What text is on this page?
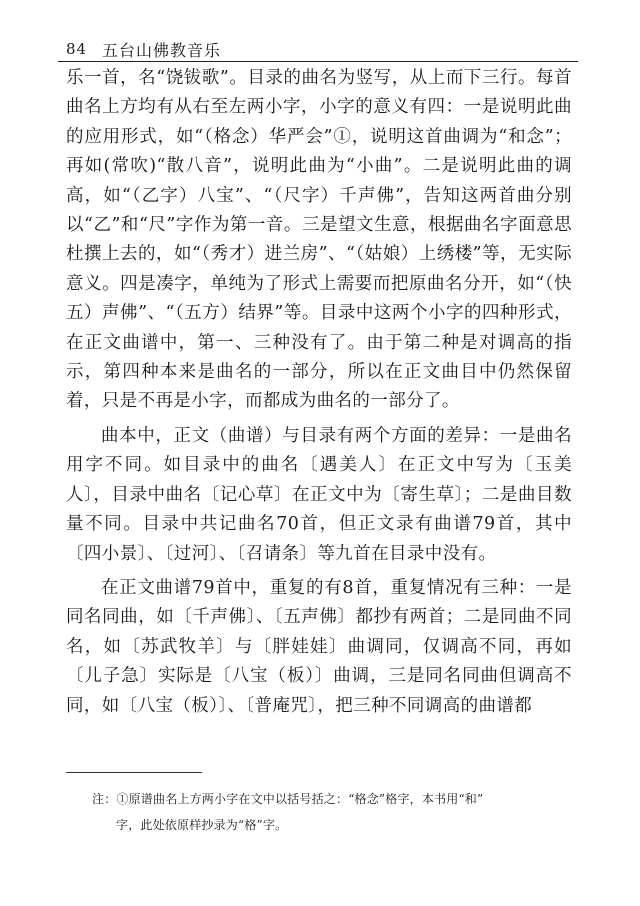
84 五台山佛教音乐

乐一首，名“饶钹歌”。目录的曲名为竖写，从上而下三行。每首曲名上方均有从右至左两小字，小字的意义有四：一是说明此曲的应用形式，如“（格念）华严会”①，说明这首曲调为“和念”；再如(常吹)“散八音”，说明此曲为“小曲”。二是说明此曲的调高，如“（乙字）八宝”、“（尺字）千声佛”，告知这两首曲分别以“乙”和“尺”字作为第一音。三是望文生意，根据曲名字面意思杜撰上去的，如“（秀才）进兰房”、“（姑娘）上绣楼”等，无实际意义。四是凑字，单纯为了形式上需要而把原曲名分开，如“（快五）声佛”、“（五方）结界”等。目录中这两个小字的四种形式，在正文曲谱中，第一、三种没有了。由于第二种是对调高的指示，第四种本来是曲名的一部分，所以在正文曲目中仍然保留着，只是不再是小字，而都成为曲名的一部分了。

曲本中，正文（曲谱）与目录有两个方面的差异：一是曲名用字不同。如目录中的曲名〔遇美人〕在正文中写为〔玉美人〕，目录中曲名〔记心草〕在正文中为〔寄生草〕；二是曲目数量不同。目录中共记曲名70首，但正文录有曲谱79首，其中〔四小景〕、〔过河〕、〔召请条〕等九首在目录中没有。

在正文曲谱79首中，重复的有8首，重复情况有三种：一是同名同曲，如〔千声佛〕、〔五声佛〕都抄有两首；二是同曲不同名，如〔苏武牧羊〕与〔胖娃娃〕曲调同，仅调高不同，再如〔儿子急〕实际是〔八宝（板）〕曲调，三是同名同曲但调高不同，如〔八宝（板）〕、〔普庵咒〕，把三种不同调高的曲谱都

注：①原谱曲名上方两小字在文中以括号括之：“格念”格字，本书用“和”
字，此处依原样抄录为“格”字。
